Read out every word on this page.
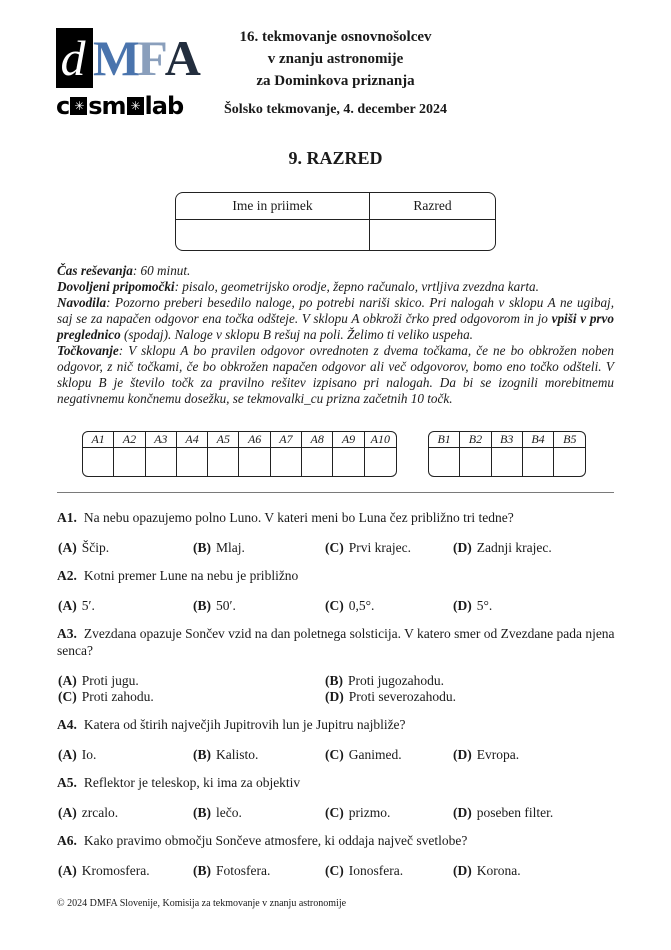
d M F A
c ✳ sm ✳ lab
16. tekmovanje osnovnošolcev
v znanju astronomije
za Dominkova priznanja
Šolsko tekmovanje, 4. december 2024
9. RAZRED
Ime in priimek	Razred

Čas reševanja: 60 minut.

Dovoljeni pripomočki: pisalo, geometrijsko orodje, žepno računalo, vrtljiva zvezdna karta.

Navodila: Pozorno preberi besedilo naloge, po potrebi nariši skico. Pri nalogah v sklopu A ne ugibaj, saj se za napačen odgovor ena točka odšteje. V sklopu A obkroži črko pred odgovorom in jo vpiši v prvo preglednico (spodaj). Naloge v sklopu B rešuj na poli. Želimo ti veliko uspeha.

Točkovanje: V sklopu A bo pravilen odgovor ovrednoten z dvema točkama, če ne bo obkrožen noben odgovor, z nič točkami, če bo obkrožen napačen odgovor ali več odgovorov, bomo eno točko odšteli. V sklopu B je število točk za pravilno rešitev izpisano pri nalogah. Da bi se izognili morebitnemu negativnemu končnemu dosežku, se tekmovalki_cu prizna začetnih 10 točk.

A1	A2	A3	A4	A5	A6	A7	A8	A9	A10	B1	B2	B3	B4	B5

A1. Na nebu opazujemo polno Luno. V kateri meni bo Luna čez približno tri tedne?

(A) Ščip.	(B) Mlaj.	(C) Prvi krajec.	(D) Zadnji krajec.

A2. Kotni premer Lune na nebu je približno

(A) 5′.	(B) 50′.	(C) 0,5°.	(D) 5°.

A3. Zvezdana opazuje Sončev vzid na dan poletnega solsticija. V katero smer od Zvezdane pada njena senca?

(A) Proti jugu.	(B) Proti jugozahodu.
(C) Proti zahodu.	(D) Proti severozahodu.

A4. Katera od štirih največjih Jupitrovih lun je Jupitru najbliže?

(A) Io.	(B) Kalisto.	(C) Ganimed.	(D) Evropa.

A5. Reflektor je teleskop, ki ima za objektiv

(A) zrcalo.	(B) lečo.	(C) prizmo.	(D) poseben filter.

A6. Kako pravimo območju Sončeve atmosfere, ki oddaja največ svetlobe?

(A) Kromosfera.	(B) Fotosfera.	(C) Ionosfera.	(D) Korona.
© 2024 DMFA Slovenije, Komisija za tekmovanje v znanju astronomije
